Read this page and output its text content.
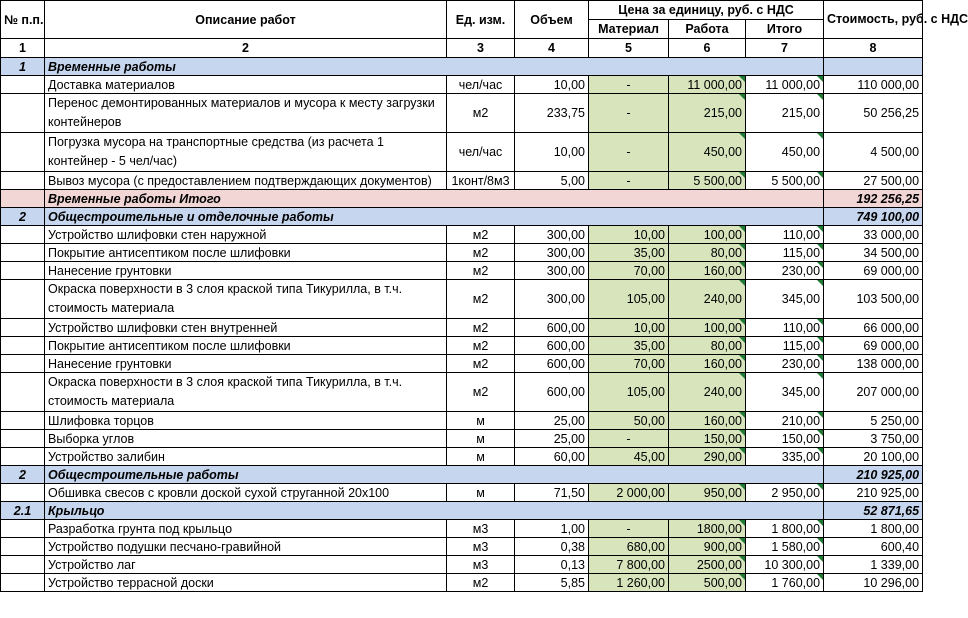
№ п.п.	Описание работ	Ед. изм.	Объем	Цена за единицу, руб. с НДС			Стоимость, руб. с НДС
				Материал	Работа	Итого	
1	2	3	4	5	6	7	8
1	Временные работы						
	Доставка материалов	чел/час	10,00	-	11 000,00	11 000,00	110 000,00
	Перенос демонтированных материалов и мусора к месту загрузки контейнеров	м2	233,75	-	215,00	215,00	50 256,25
	Погрузка мусора на транспортные средства (из расчета 1 контейнер - 5 чел/час)	чел/час	10,00	-	450,00	450,00	4 500,00
	Вывоз мусора (с предоставлением подтверждающих документов)	1конт/8м3	5,00	-	5 500,00	5 500,00	27 500,00
	Временные работы Итого						192 256,25
2	Общестроительные и отделочные работы						749 100,00
	Устройство шлифовки стен наружной	м2	300,00	10,00	100,00	110,00	33 000,00
	Покрытие антисептиком после шлифовки	м2	300,00	35,00	80,00	115,00	34 500,00
	Нанесение грунтовки	м2	300,00	70,00	160,00	230,00	69 000,00
	Окраска поверхности в 3 слоя краской типа Тикурилла, в т.ч. стоимость материала	м2	300,00	105,00	240,00	345,00	103 500,00
	Устройство шлифовки стен внутренней	м2	600,00	10,00	100,00	110,00	66 000,00
	Покрытие антисептиком после шлифовки	м2	600,00	35,00	80,00	115,00	69 000,00
	Нанесение грунтовки	м2	600,00	70,00	160,00	230,00	138 000,00
	Окраска поверхности в 3 слоя краской типа Тикурилла, в т.ч. стоимость материала	м2	600,00	105,00	240,00	345,00	207 000,00
	Шлифовка торцов	м	25,00	50,00	160,00	210,00	5 250,00
	Выборка углов	м	25,00	-	150,00	150,00	3 750,00
	Устройство залибин	м	60,00	45,00	290,00	335,00	20 100,00
2	Общестроительные работы						210 925,00
	Обшивка свесов с кровли доской сухой струганной 20х100	м	71,50	2 000,00	950,00	2 950,00	210 925,00
2.1	Крыльцо						52 871,65
	Разработка грунта под крыльцо	м3	1,00	-	1800,00	1 800,00	1 800,00
	Устройство подушки песчано-гравийной	м3	0,38	680,00	900,00	1 580,00	600,40
	Устройство лаг	м3	0,13	7 800,00	2500,00	10 300,00	1 339,00
	Устройство террасной доски	м2	5,85	1 260,00	500,00	1 760,00	10 296,00
